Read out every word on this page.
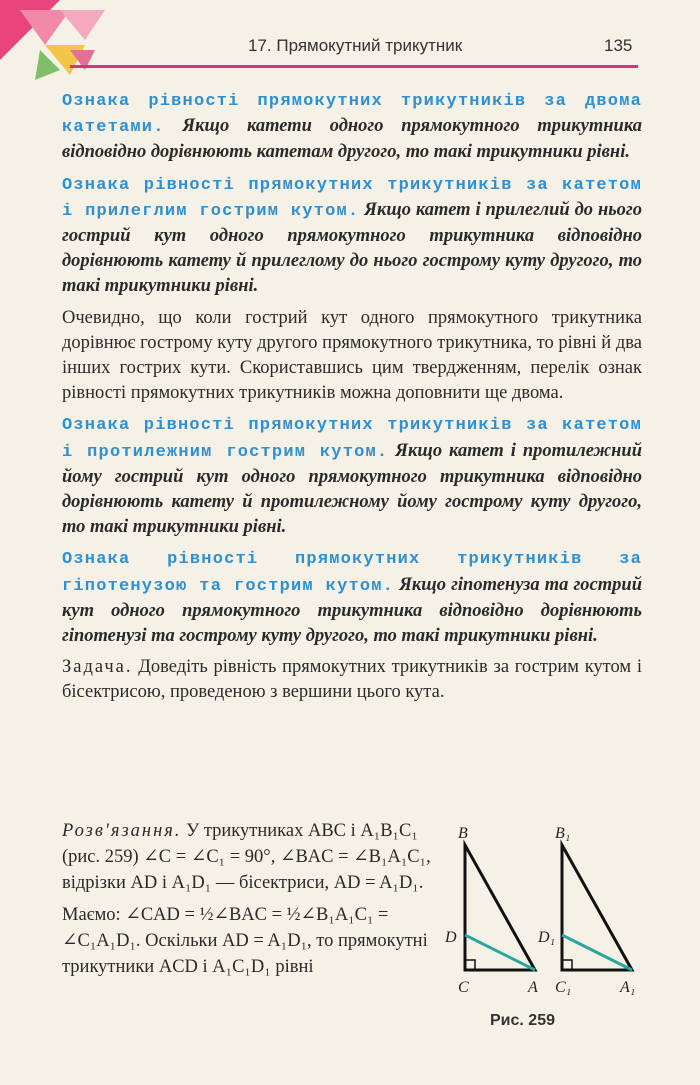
17. Прямокутний трикутник	135

Ознака рівності прямокутних трикутників за двома катетами. Якщо катети одного прямокутного трикутника відповідно дорівнюють катетам другого, то такі трикутники рівні.

Ознака рівності прямокутних трикутників за катетом і прилеглим гострим кутом. Якщо катет і прилеглий до нього гострий кут одного прямокутного трикутника відповідно дорівнюють катету й прилеглому до нього гострому куту другого, то такі трикутники рівні.

Очевидно, що коли гострий кут одного прямокутного трикутника дорівнює гострому куту другого прямокутного трикутника, то рівні й два інших гострих кути. Скориставшись цим твердженням, перелік ознак рівності прямокутних трикутників можна доповнити ще двома.

Ознака рівності прямокутних трикутників за катетом і протилежним гострим кутом. Якщо катет і протилежний йому гострий кут одного прямокутного трикутника відповідно дорівнюють катету й протилежному йому гострому куту другого, то такі трикутники рівні.

Ознака рівності прямокутних трикутників за гіпотенузою та гострим кутом. Якщо гіпотенуза та гострий кут одного прямокутного трикутника відповідно дорівнюють гіпотенузі та гострому куту другого, то такі трикутники рівні.

Задача. Доведіть рівність прямокутних трикутників за гострим кутом і бісектрисою, проведеною з вершини цього кута.

Розв'язання. У трикутниках ABC і A₁B₁C₁ (рис. 259) ∠C = ∠C₁ = 90°, ∠BAC = ∠B₁A₁C₁, відрізки AD і A₁D₁ — бісектриси, AD = A₁D₁.
Маємо: ∠CAD = ½∠BAC = ½∠B₁A₁C₁ = ∠C₁A₁D₁. Оскільки AD = A₁D₁, то прямокутні трикутники ACD і A₁C₁D₁ рівні
B
D
C	A
B₁
D₁
C₁	A₁
Рис. 259
